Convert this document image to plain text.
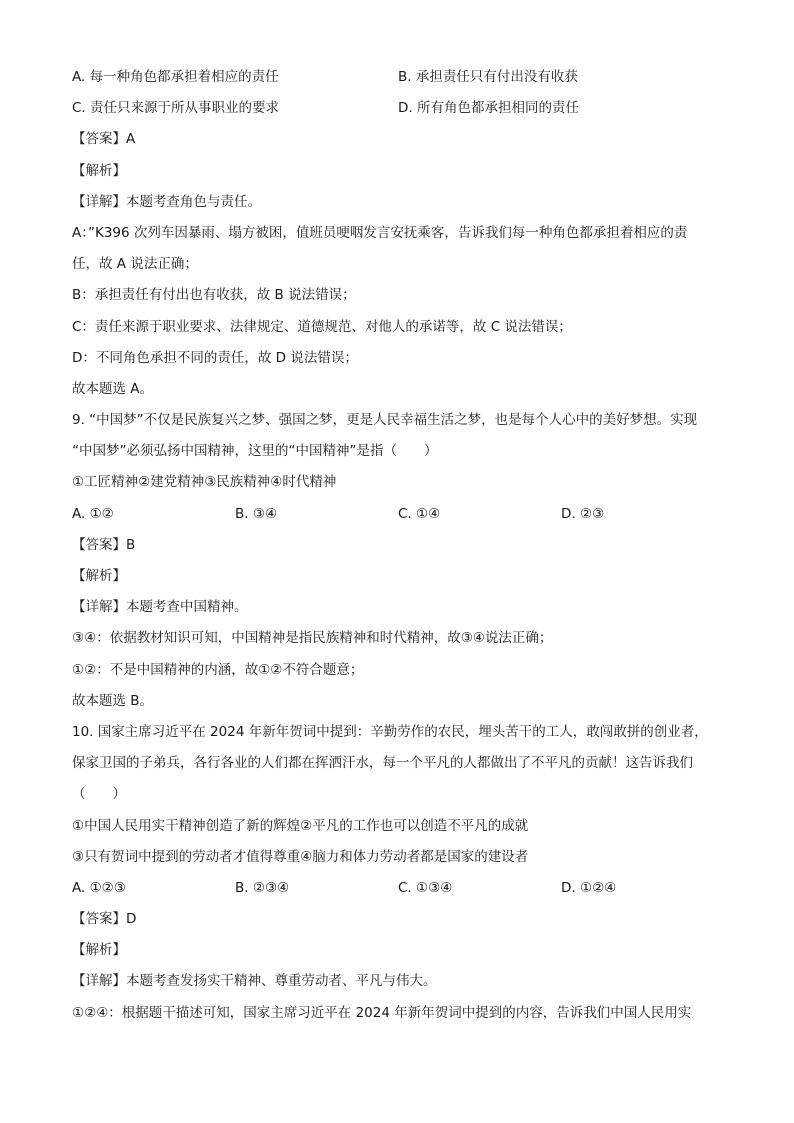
A. 每一种角色都承担着相应的责任	B. 承担责任只有付出没有收获
C. 责任只来源于所从事职业的要求	D. 所有角色都承担相同的责任
【答案】A
【解析】
【详解】本题考查角色与责任。
A：”K396 次列车因暴雨、塌方被困，值班员哽咽发言安抚乘客，告诉我们每一种角色都承担着相应的责
任，故 A 说法正确；
B：承担责任有付出也有收获，故 B 说法错误；
C：责任来源于职业要求、法律规定、道德规范、对他人的承诺等，故 C 说法错误；
D：不同角色承担不同的责任，故 D 说法错误；
故本题选 A。
9. “中国梦”不仅是民族复兴之梦、强国之梦，更是人民幸福生活之梦，也是每个人心中的美好梦想。实现
“中国梦”必须弘扬中国精神，这里的“中国精神”是指（　　）
①工匠精神②建党精神③民族精神④时代精神
A. ①②	B. ③④	C. ①④	D. ②③
【答案】B
【解析】
【详解】本题考查中国精神。
③④：依据教材知识可知，中国精神是指民族精神和时代精神，故③④说法正确；
①②：不是中国精神的内涵，故①②不符合题意；
故本题选 B。
10. 国家主席习近平在 2024 年新年贺词中提到：辛勤劳作的农民，埋头苦干的工人，敢闯敢拼的创业者，
保家卫国的子弟兵，各行各业的人们都在挥洒汗水，每一个平凡的人都做出了不平凡的贡献！这告诉我们
（　　）
①中国人民用实干精神创造了新的辉煌②平凡的工作也可以创造不平凡的成就
③只有贺词中提到的劳动者才值得尊重④脑力和体力劳动者都是国家的建设者
A. ①②③	B. ②③④	C. ①③④	D. ①②④
【答案】D
【解析】
【详解】本题考查发扬实干精神、尊重劳动者、平凡与伟大。
①②④：根据题干描述可知，国家主席习近平在 2024 年新年贺词中提到的内容，告诉我们中国人民用实
